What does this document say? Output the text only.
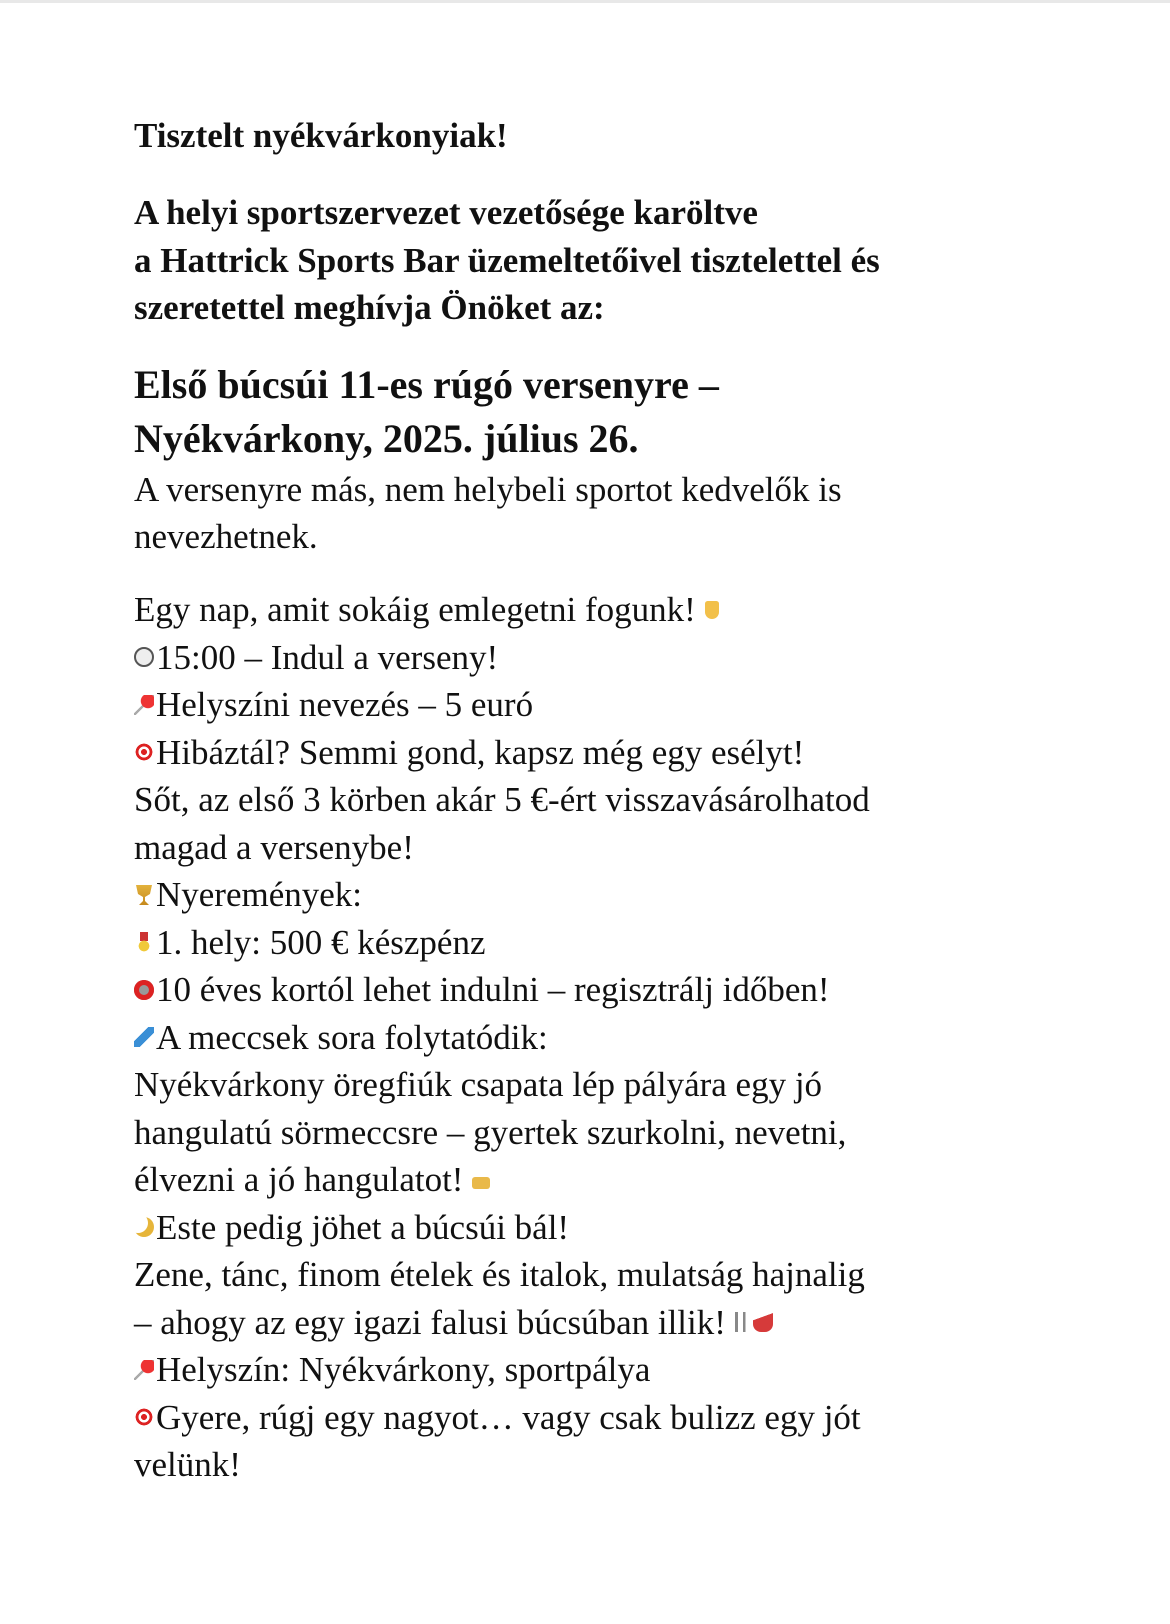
Tisztelt nyékvárkonyiak!
A helyi sportszervezet vezetősége karöltve
a Hattrick Sports Bar üzemeltetőivel tisztelettel és
szeretettel meghívja Önöket az:
Első búcsúi 11-es rúgó versenyre –
Nyékvárkony, 2025. július 26.
A versenyre más, nem helybeli sportot kedvelők is
nevezhetnek.
Egy nap, amit sokáig emlegetni fogunk!
15:00 – Indul a verseny!
Helyszíni nevezés – 5 euró
Hibáztál? Semmi gond, kapsz még egy esélyt!
Sőt, az első 3 körben akár 5 €-ért visszavásárolhatod
magad a versenybe!
Nyeremények:
1. hely: 500 € készpénz
10 éves kortól lehet indulni – regisztrálj időben!
A meccsek sora folytatódik:
Nyékvárkony öregfiúk csapata lép pályára egy jó
hangulatú sörmeccsre – gyertek szurkolni, nevetni,
élvezni a jó hangulatot!
Este pedig jöhet a búcsúi bál!
Zene, tánc, finom ételek és italok, mulatság hajnalig
– ahogy az egy igazi falusi búcsúban illik!
Helyszín: Nyékvárkony, sportpálya
Gyere, rúgj egy nagyot… vagy csak bulizz egy jót
velünk!
